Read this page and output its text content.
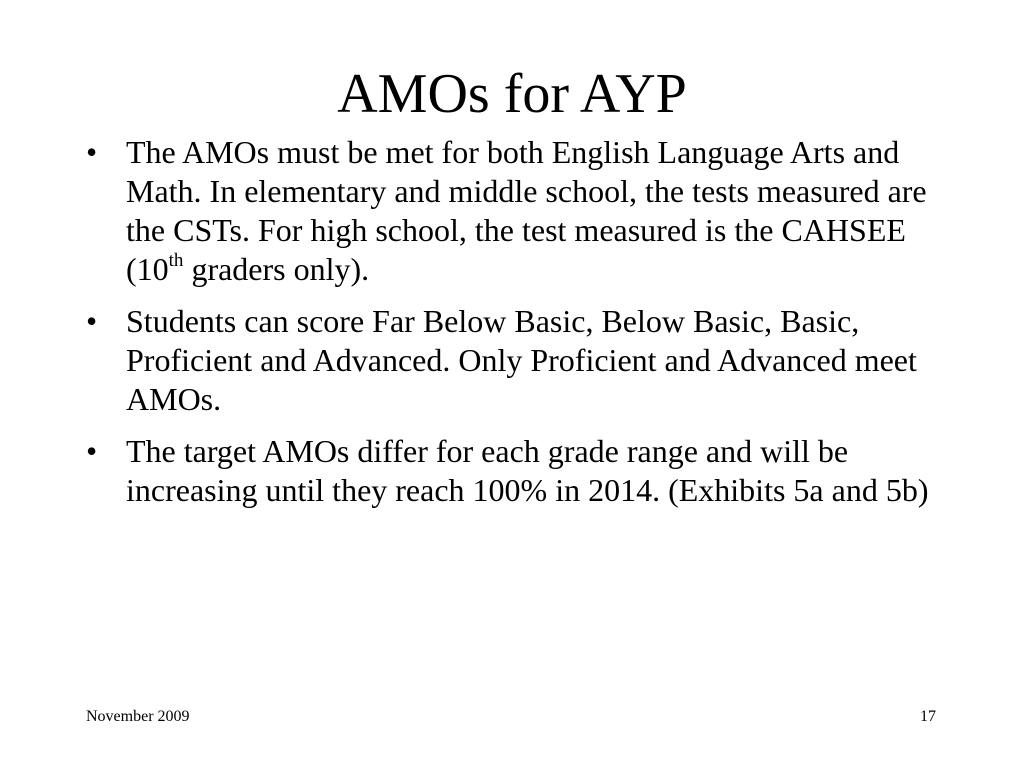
AMOs for AYP
• The AMOs must be met for both English Language Arts and Math. In elementary and middle school, the tests measured are the CSTs. For high school, the test measured is the CAHSEE (10th graders only).
• Students can score Far Below Basic, Below Basic, Basic, Proficient and Advanced. Only Proficient and Advanced meet AMOs.
• The target AMOs differ for each grade range and will be increasing until they reach 100% in 2014. (Exhibits 5a and 5b)
November 2009	17
